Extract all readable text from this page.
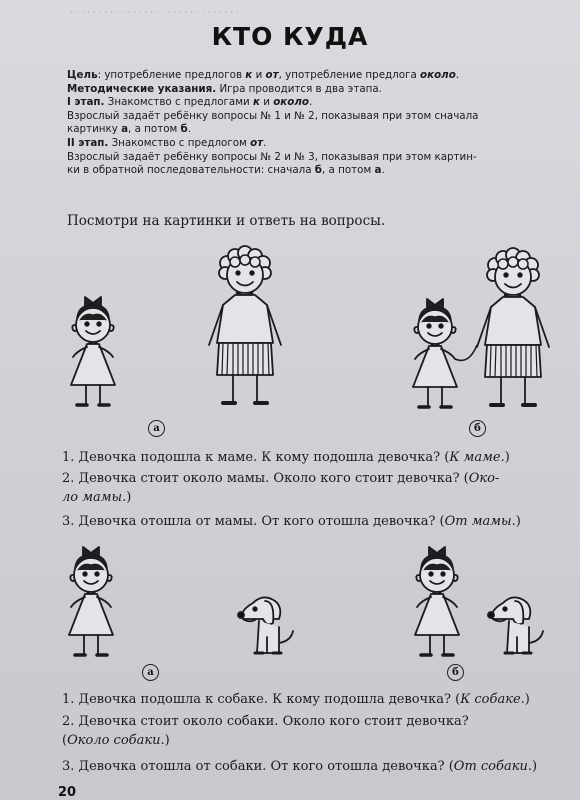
· · · · · · · · · · · · · · · · · · · · · · · · · · · · · ·
КТО КУДА
Цель: употребление предлогов к и от, употребление предлога около.
Методические указания. Игра проводится в два этапа.
I этап. Знакомство с предлогами к и около.
Взрослый задаёт ребёнку вопросы № 1 и № 2, показывая при этом сначала
картинку а, а потом б.
II этап. Знакомство с предлогом от.
Взрослый задаёт ребёнку вопросы № 2 и № 3, показывая при этом картин-
ки в обратной последовательности: сначала б, а потом а.
Посмотри на картинки и ответь на вопросы.
а	б
1. Девочка подошла к маме. К кому подошла девочка? (К маме.)
2. Девочка стоит около мамы. Около кого стоит девочка? (Око-
ло мамы.)
3. Девочка отошла от мамы. От кого отошла девочка? (От мамы.)
а	б
1. Девочка подошла к собаке. К кому подошла девочка? (К собаке.)
2. Девочка стоит около собаки. Около кого стоит девочка?
(Около собаки.)
3. Девочка отошла от собаки. От кого отошла девочка? (От собаки.)
20
